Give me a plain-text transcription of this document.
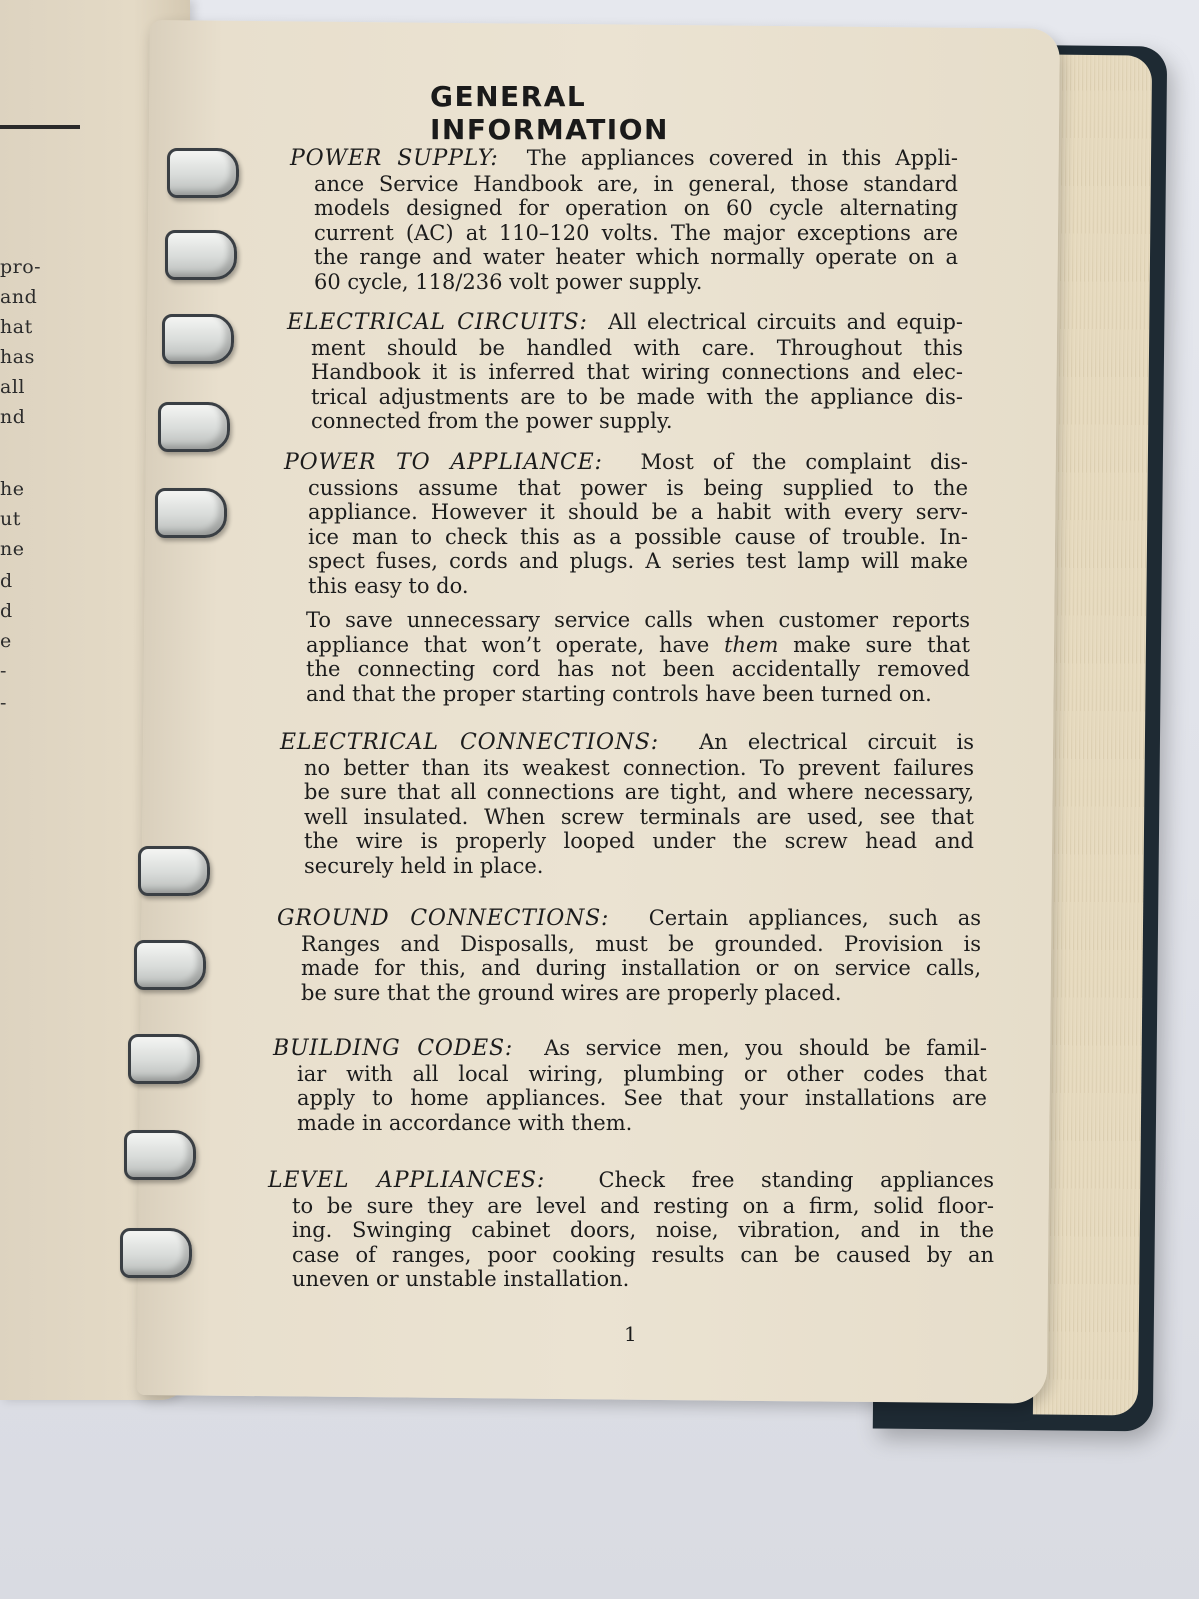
pro-
and
hat
has
all
nd
he
ut
ne
d
d
e
-
-
GENERAL INFORMATION
POWER SUPPLY: The appliances covered in this Appli-
ance Service Handbook are, in general, those standard
models designed for operation on 60 cycle alternating
current (AC) at 110–120 volts. The major exceptions are
the range and water heater which normally operate on a
60 cycle, 118/236 volt power supply.
ELECTRICAL CIRCUITS: All electrical circuits and equip-
ment should be handled with care. Throughout this
Handbook it is inferred that wiring connections and elec-
trical adjustments are to be made with the appliance dis-
connected from the power supply.
POWER TO APPLIANCE: Most of the complaint dis-
cussions assume that power is being supplied to the
appliance. However it should be a habit with every serv-
ice man to check this as a possible cause of trouble. In-
spect fuses, cords and plugs. A series test lamp will make
this easy to do.
To save unnecessary service calls when customer reports
appliance that won’t operate, have them make sure that
the connecting cord has not been accidentally removed
and that the proper starting controls have been turned on.
ELECTRICAL CONNECTIONS: An electrical circuit is
no better than its weakest connection. To prevent failures
be sure that all connections are tight, and where necessary,
well insulated. When screw terminals are used, see that
the wire is properly looped under the screw head and
securely held in place.
GROUND CONNECTIONS: Certain appliances, such as
Ranges and Disposalls, must be grounded. Provision is
made for this, and during installation or on service calls,
be sure that the ground wires are properly placed.
BUILDING CODES: As service men, you should be famil-
iar with all local wiring, plumbing or other codes that
apply to home appliances. See that your installations are
made in accordance with them.
LEVEL APPLIANCES:	Check free standing appliances
to be sure they are level and resting on a firm, solid floor-
ing. Swinging cabinet doors, noise, vibration, and in the
case of ranges, poor cooking results can be caused by an
uneven or unstable installation.
1
